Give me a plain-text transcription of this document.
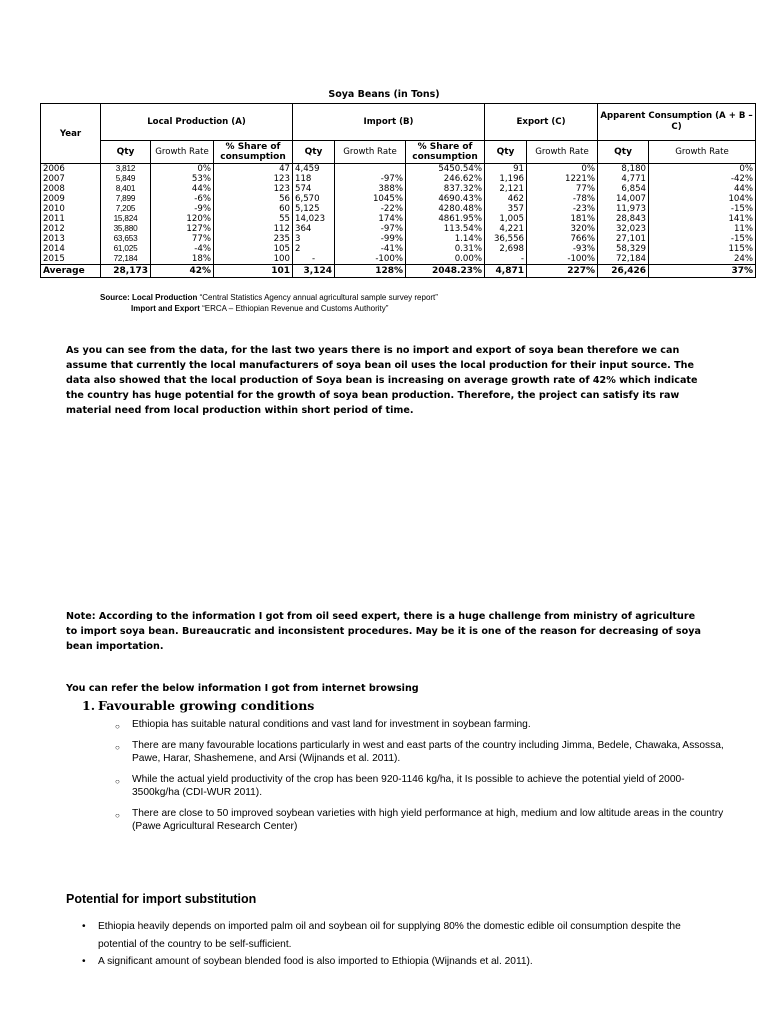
Soya Beans (in Tons)
Year	Local Production (A)			Import (B)			Export (C)		Apparent Consumption (A + B – C)	
	Qty	Growth Rate	% Share of consumption	Qty	Growth Rate	% Share of consumption	Qty	Growth Rate	Qty	Growth Rate
2006	3,812	0%	47	4,459		5450.54%	91	0%	8,180	0%
2007	5,849	53%	123	118	-97%	246.62%	1,196	1221%	4,771	-42%
2008	8,401	44%	123	574	388%	837.32%	2,121	77%	6,854	44%
2009	7,899	-6%	56	6,570	1045%	4690.43%	462	-78%	14,007	104%
2010	7,205	-9%	60	5,125	-22%	4280.48%	357	-23%	11,973	-15%
2011	15,824	120%	55	14,023	174%	4861.95%	1,005	181%	28,843	141%
2012	35,880	127%	112	364	-97%	113.54%	4,221	320%	32,023	11%
2013	63,653	77%	235	3	-99%	1.14%	36,556	766%	27,101	-15%
2014	61,025	-4%	105	2	-41%	0.31%	2,698	-93%	58,329	115%
2015	72,184	18%	100	-	-100%	0.00%	-	-100%	72,184	24%
Average	28,173	42%	101	3,124	128%	2048.23%	4,871	227%	26,426	37%
Source: Local Production “Central Statistics Agency annual agricultural sample survey report”
Import and Export “ERCA – Ethiopian Revenue and Customs Authority”
As you can see from the data, for the last two years there is no import and export of soya bean therefore we can assume that currently the local manufacturers of soya bean oil uses the local production for their input source. The data also showed that the local production of Soya bean is increasing on average growth rate of 42% which indicate the country has huge potential for the growth of soya bean production. Therefore, the project can satisfy its raw material need from local production within short period of time.
Note: According to the information I got from oil seed expert, there is a huge challenge from ministry of agriculture to import soya bean. Bureaucratic and inconsistent procedures. May be it is one of the reason for decreasing of soya bean importation.
You can refer the below information I got from internet browsing
1. Favourable growing conditions
○ Ethiopia has suitable natural conditions and vast land for investment in soybean farming.
○ There are many favourable locations particularly in west and east parts of the country including Jimma, Bedele, Chawaka, Assossa, Pawe, Harar, Shashemene, and Arsi (Wijnands et al. 2011).
○ While the actual yield productivity of the crop has been 920-1146 kg/ha, it Is possible to achieve the potential yield of 2000-3500kg/ha (CDI-WUR 2011).
○ There are close to 50 improved soybean varieties with high yield performance at high, medium and low altitude areas in the country (Pawe Agricultural Research Center)
Potential for import substitution
• Ethiopia heavily depends on imported palm oil and soybean oil for supplying 80% the domestic edible oil consumption despite the potential of the country to be self-sufficient.
• A significant amount of soybean blended food is also imported to Ethiopia (Wijnands et al. 2011).
